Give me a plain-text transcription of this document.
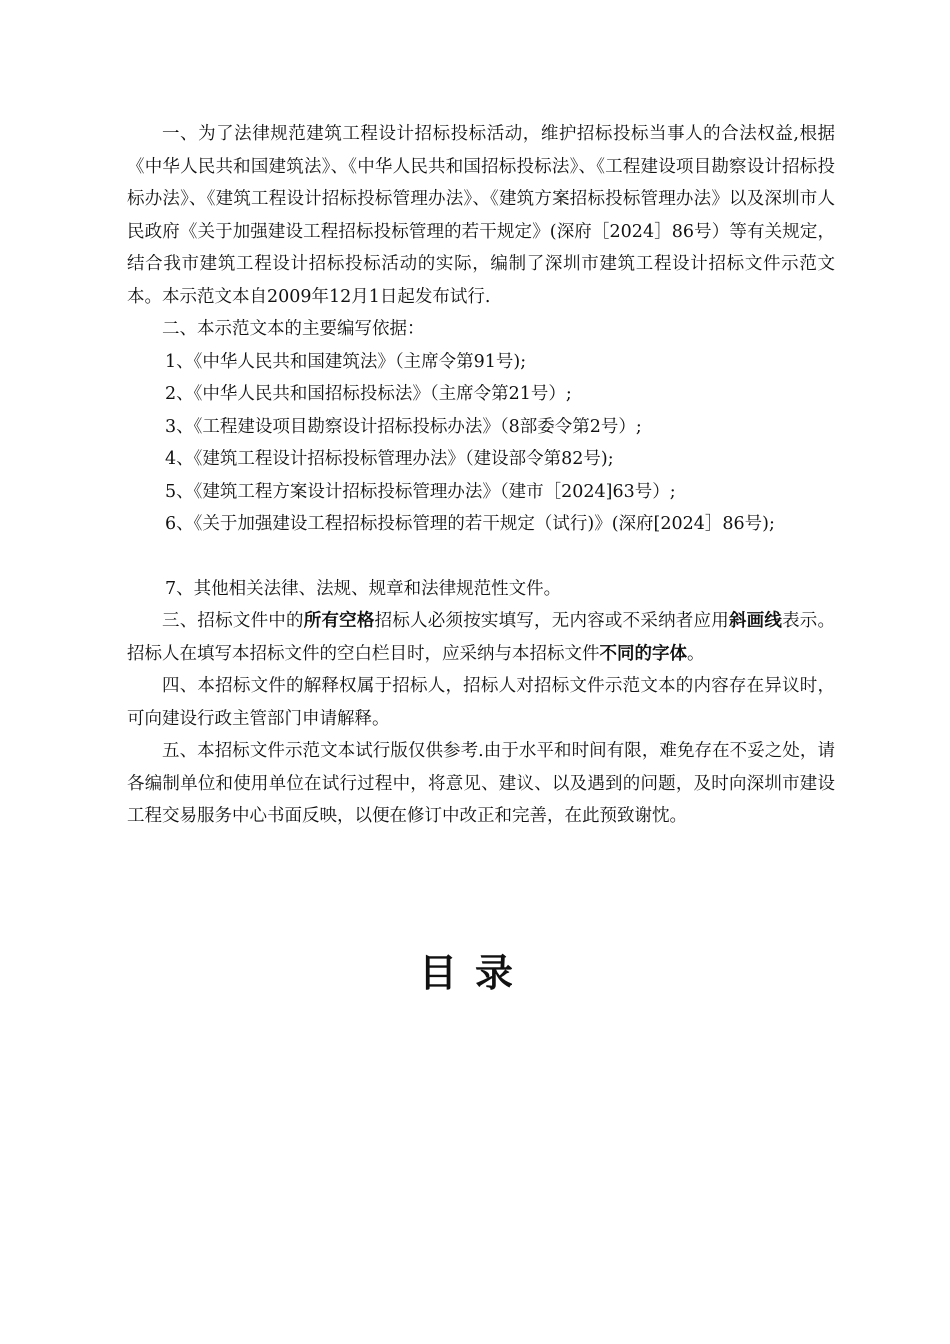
一、为了法律规范建筑工程设计招标投标活动，维护招标投标当事人的合法权益,根据《中华人民共和国建筑法》、《中华人民共和国招标投标法》、《工程建设项目勘察设计招标投标办法》、《建筑工程设计招标投标管理办法》、《建筑方案招标投标管理办法》以及深圳市人民政府《关于加强建设工程招标投标管理的若干规定》(深府［2024］86号）等有关规定，结合我市建筑工程设计招标投标活动的实际，编制了深圳市建筑工程设计招标文件示范文本。本示范文本自2009年12月1日起发布试行.

二、本示范文本的主要编写依据：

1、《中华人民共和国建筑法》（主席令第91号);

2、《中华人民共和国招标投标法》（主席令第21号）;

3、《工程建设项目勘察设计招标投标办法》（8部委令第2号）;

4、《建筑工程设计招标投标管理办法》（建设部令第82号);

5、《建筑工程方案设计招标投标管理办法》（建市［2024]63号）;

6、《关于加强建设工程招标投标管理的若干规定（试行)》(深府[2024］86号);

7、其他相关法律、法规、规章和法律规范性文件。

三、招标文件中的所有空格招标人必须按实填写，无内容或不采纳者应用斜画线表示。招标人在填写本招标文件的空白栏目时，应采纳与本招标文件不同的字体。

四、本招标文件的解释权属于招标人，招标人对招标文件示范文本的内容存在异议时，可向建设行政主管部门申请解释。

五、本招标文件示范文本试行版仅供参考.由于水平和时间有限，难免存在不妥之处，请各编制单位和使用单位在试行过程中，将意见、建议、以及遇到的问题，及时向深圳市建设工程交易服务中心书面反映，以便在修订中改正和完善，在此预致谢忱。

目录
